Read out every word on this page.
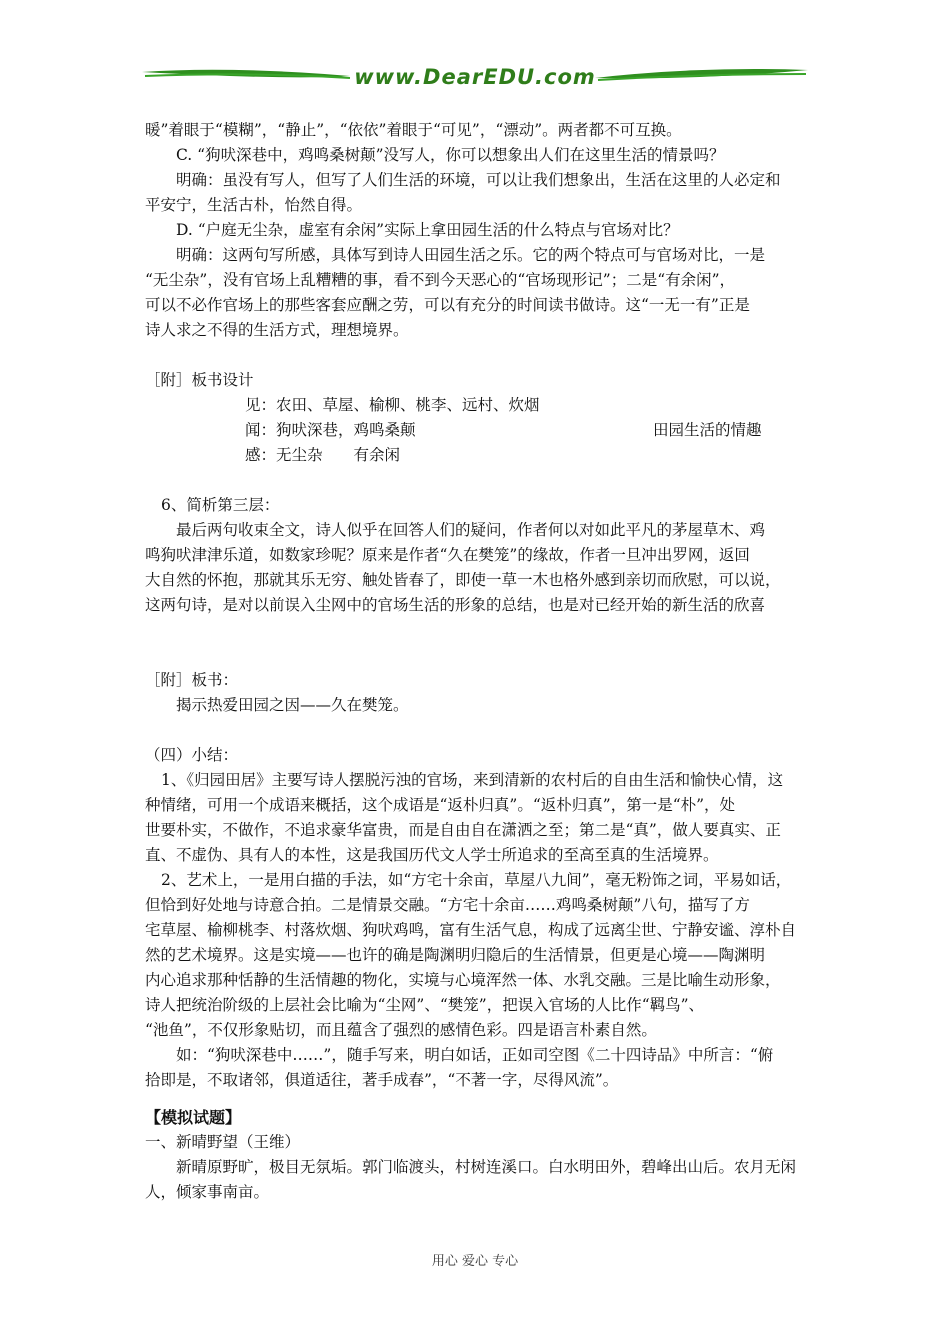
www.DearEDU.com
暖”着眼于“模糊”，“静止”，“依依”着眼于“可见”，“漂动”。两者都不可互换。
C. “狗吠深巷中，鸡鸣桑树颠”没写人，你可以想象出人们在这里生活的情景吗？
明确：虽没有写人，但写了人们生活的环境，可以让我们想象出，生活在这里的人必定和
平安宁，生活古朴，怡然自得。
D. “户庭无尘杂，虚室有余闲”实际上拿田园生活的什么特点与官场对比？
明确：这两句写所感，具体写到诗人田园生活之乐。它的两个特点可与官场对比，一是
“无尘杂”，没有官场上乱糟糟的事，看不到今天恶心的“官场现形记”；二是“有余闲”，
可以不必作官场上的那些客套应酬之劳，可以有充分的时间读书做诗。这“一无一有”正是
诗人求之不得的生活方式，理想境界。
［附］板书设计
见：农田、草屋、榆柳、桃李、远村、炊烟
闻：狗吠深巷，鸡鸣桑颠	田园生活的情趣
感：无尘杂　　有余闲
6、简析第三层：
最后两句收束全文，诗人似乎在回答人们的疑问，作者何以对如此平凡的茅屋草木、鸡
鸣狗吠津津乐道，如数家珍呢？原来是作者“久在樊笼”的缘故，作者一旦冲出罗网，返回
大自然的怀抱，那就其乐无穷、触处皆春了，即使一草一木也格外感到亲切而欣慰，可以说，
这两句诗，是对以前误入尘网中的官场生活的形象的总结，也是对已经开始的新生活的欣喜
［附］板书：
揭示热爱田园之因——久在樊笼。
（四）小结：
1、《归园田居》主要写诗人摆脱污浊的官场，来到清新的农村后的自由生活和愉快心情，这
种情绪，可用一个成语来概括，这个成语是“返朴归真”。“返朴归真”，第一是“朴”，处
世要朴实，不做作，不追求豪华富贵，而是自由自在潇洒之至；第二是“真”，做人要真实、正
直、不虚伪、具有人的本性，这是我国历代文人学士所追求的至高至真的生活境界。
2、艺术上，一是用白描的手法，如“方宅十余亩，草屋八九间”，毫无粉饰之词，平易如话，
但恰到好处地与诗意合拍。二是情景交融。“方宅十余亩……鸡鸣桑树颠”八句，描写了方
宅草屋、榆柳桃李、村落炊烟、狗吠鸡鸣，富有生活气息，构成了远离尘世、宁静安谧、淳朴自
然的艺术境界。这是实境——也许的确是陶渊明归隐后的生活情景，但更是心境——陶渊明
内心追求那种恬静的生活情趣的物化，实境与心境浑然一体、水乳交融。三是比喻生动形象，
诗人把统治阶级的上层社会比喻为“尘网”、“樊笼”，把误入官场的人比作“羁鸟”、
“池鱼”，不仅形象贴切，而且蕴含了强烈的感情色彩。四是语言朴素自然。
如：“狗吠深巷中……”，随手写来，明白如话，正如司空图《二十四诗品》中所言：“俯
拾即是，不取诸邻，俱道适往，著手成春”，“不著一字，尽得风流”。
【模拟试题】
一、新晴野望（王维）
新晴原野旷，极目无氛垢。郭门临渡头，村树连溪口。白水明田外，碧峰出山后。农月无闲
人，倾家事南亩。
用心 爱心 专心
